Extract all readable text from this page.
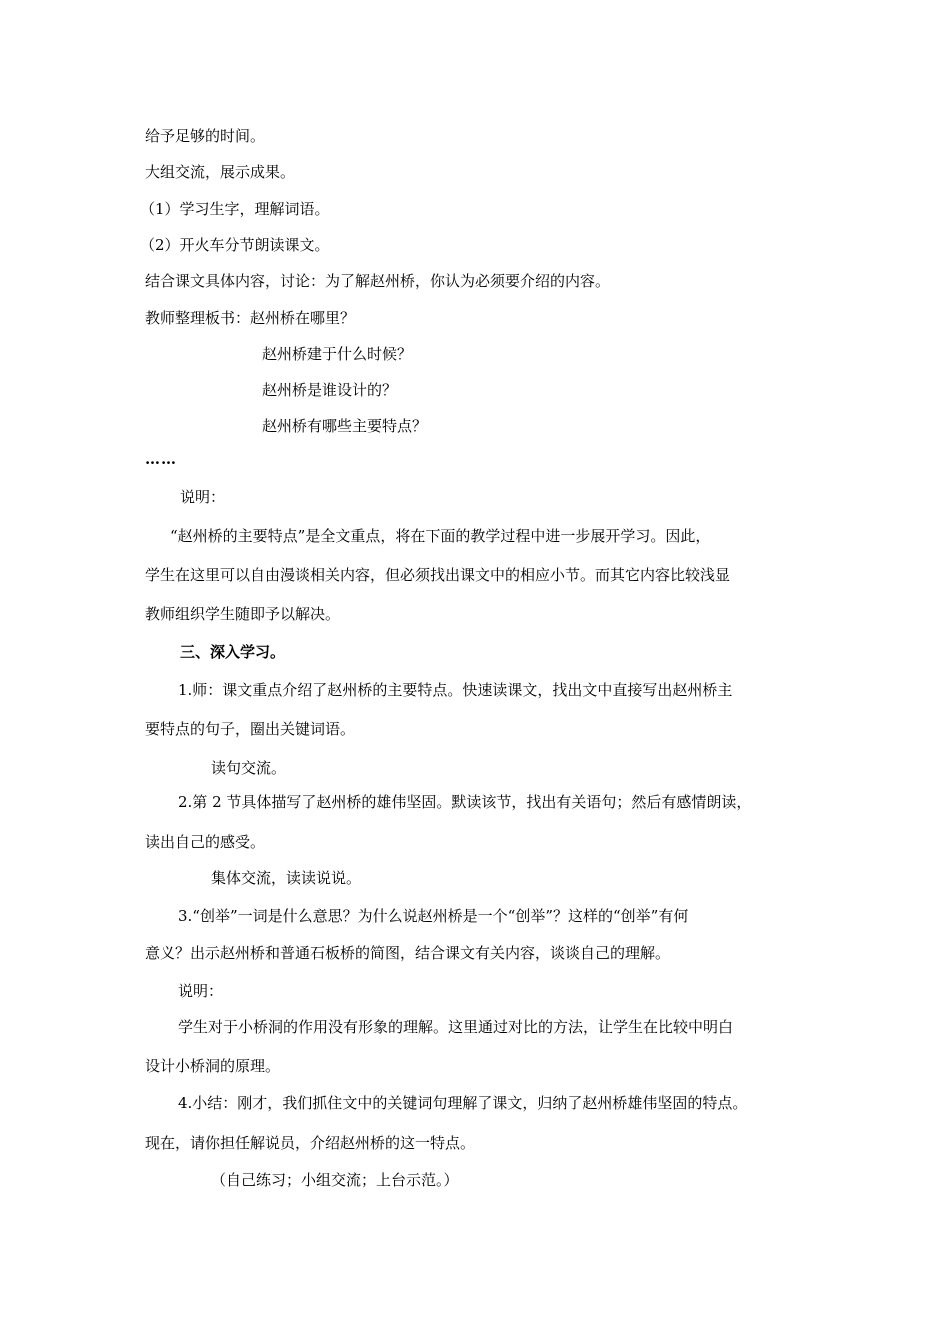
给予足够的时间。
大组交流，展示成果。
（1）学习生字，理解词语。
（2）开火车分节朗读课文。
结合课文具体内容，讨论：为了解赵州桥，你认为必须要介绍的内容。
教师整理板书：赵州桥在哪里？
赵州桥建于什么时候？
赵州桥是谁设计的？
赵州桥有哪些主要特点？
……
说明：
“赵州桥的主要特点”是全文重点，将在下面的教学过程中进一步展开学习。因此，
学生在这里可以自由漫谈相关内容，但必须找出课文中的相应小节。而其它内容比较浅显
教师组织学生随即予以解决。
三、深入学习。
1.师：课文重点介绍了赵州桥的主要特点。快速读课文，找出文中直接写出赵州桥主
要特点的句子，圈出关键词语。
读句交流。
2.第 2 节具体描写了赵州桥的雄伟坚固。默读该节，找出有关语句；然后有感情朗读，
读出自己的感受。
集体交流，读读说说。
3.“创举”一词是什么意思？为什么说赵州桥是一个“创举”？这样的“创举”有何
意义？出示赵州桥和普通石板桥的简图，结合课文有关内容，谈谈自己的理解。
说明：
学生对于小桥洞的作用没有形象的理解。这里通过对比的方法，让学生在比较中明白
设计小桥洞的原理。
4.小结：刚才，我们抓住文中的关键词句理解了课文，归纳了赵州桥雄伟坚固的特点。
现在，请你担任解说员，介绍赵州桥的这一特点。
（自己练习；小组交流；上台示范。）
